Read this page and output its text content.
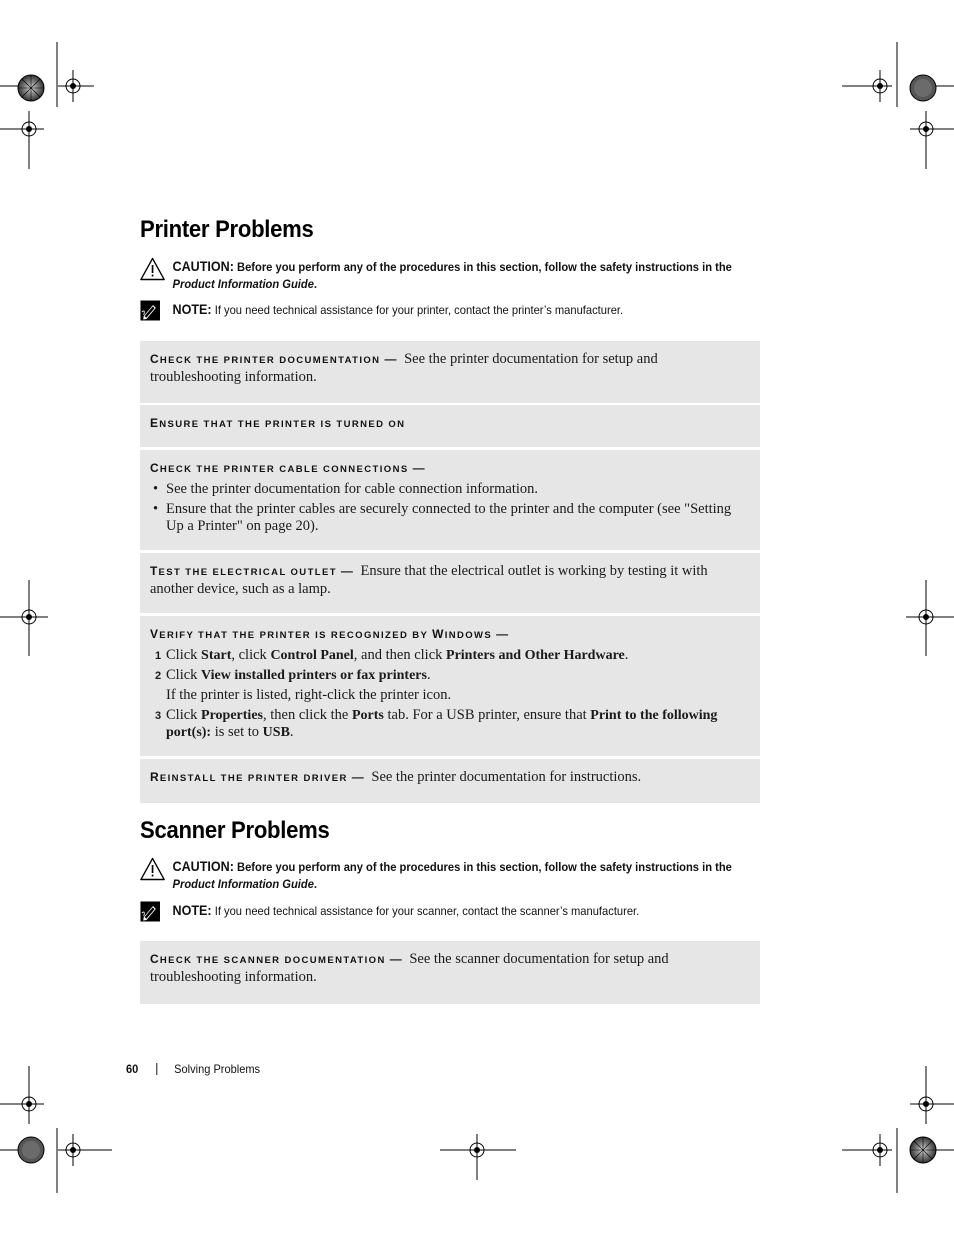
Printer Problems
CAUTION: Before you perform any of the procedures in this section, follow the safety instructions in the Product Information Guide.
NOTE: If you need technical assistance for your printer, contact the printer’s manufacturer.
CHECK THE PRINTER DOCUMENTATION — See the printer documentation for setup and troubleshooting information.
ENSURE THAT THE PRINTER IS TURNED ON
CHECK THE PRINTER CABLE CONNECTIONS —
• See the printer documentation for cable connection information.
• Ensure that the printer cables are securely connected to the printer and the computer (see "Setting Up a Printer" on page 20).
TEST THE ELECTRICAL OUTLET — Ensure that the electrical outlet is working by testing it with another device, such as a lamp.
VERIFY THAT THE PRINTER IS RECOGNIZED BY WINDOWS —
1 Click Start, click Control Panel, and then click Printers and Other Hardware.
2 Click View installed printers or fax printers.
If the printer is listed, right-click the printer icon.
3 Click Properties, then click the Ports tab. For a USB printer, ensure that Print to the following port(s): is set to USB.
REINSTALL THE PRINTER DRIVER — See the printer documentation for instructions.
Scanner Problems
CAUTION: Before you perform any of the procedures in this section, follow the safety instructions in the Product Information Guide.
NOTE: If you need technical assistance for your scanner, contact the scanner’s manufacturer.
CHECK THE SCANNER DOCUMENTATION — See the scanner documentation for setup and troubleshooting information.
60	Solving Problems
